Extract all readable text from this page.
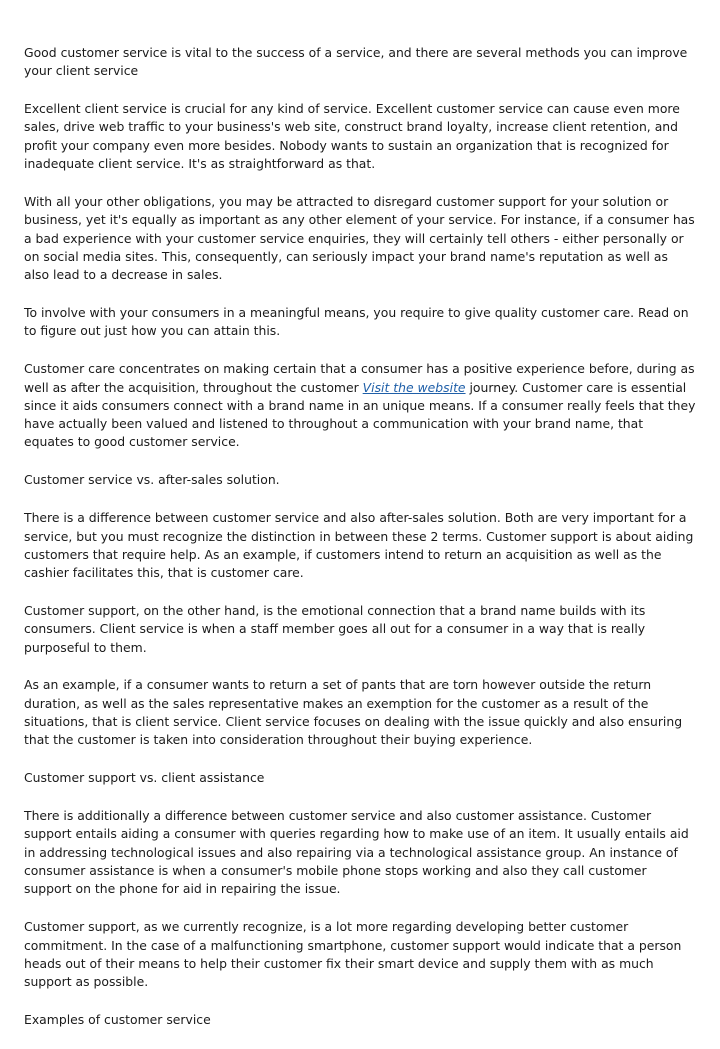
Good customer service is vital to the success of a service, and there are several methods you can improve your client service

Excellent client service is crucial for any kind of service. Excellent customer service can cause even more sales, drive web traffic to your business's web site, construct brand loyalty, increase client retention, and profit your company even more besides. Nobody wants to sustain an organization that is recognized for inadequate client service. It's as straightforward as that.

With all your other obligations, you may be attracted to disregard customer support for your solution or business, yet it's equally as important as any other element of your service. For instance, if a consumer has a bad experience with your customer service enquiries, they will certainly tell others - either personally or on social media sites. This, consequently, can seriously impact your brand name's reputation as well as also lead to a decrease in sales.

To involve with your consumers in a meaningful means, you require to give quality customer care. Read on to figure out just how you can attain this.

Customer care concentrates on making certain that a consumer has a positive experience before, during as well as after the acquisition, throughout the customer Visit the website journey. Customer care is essential since it aids consumers connect with a brand name in an unique means. If a consumer really feels that they have actually been valued and listened to throughout a communication with your brand name, that equates to good customer service.

Customer service vs. after-sales solution.

There is a difference between customer service and also after-sales solution. Both are very important for a service, but you must recognize the distinction in between these 2 terms. Customer support is about aiding customers that require help. As an example, if customers intend to return an acquisition as well as the cashier facilitates this, that is customer care.

Customer support, on the other hand, is the emotional connection that a brand name builds with its consumers. Client service is when a staff member goes all out for a consumer in a way that is really purposeful to them.

As an example, if a consumer wants to return a set of pants that are torn however outside the return duration, as well as the sales representative makes an exemption for the customer as a result of the situations, that is client service. Client service focuses on dealing with the issue quickly and also ensuring that the customer is taken into consideration throughout their buying experience.

Customer support vs. client assistance

There is additionally a difference between customer service and also customer assistance. Customer support entails aiding a consumer with queries regarding how to make use of an item. It usually entails aid in addressing technological issues and also repairing via a technological assistance group. An instance of consumer assistance is when a consumer's mobile phone stops working and also they call customer support on the phone for aid in repairing the issue.

Customer support, as we currently recognize, is a lot more regarding developing better customer commitment. In the case of a malfunctioning smartphone, customer support would indicate that a person heads out of their means to help their customer fix their smart device and supply them with as much support as possible.

Examples of customer service
